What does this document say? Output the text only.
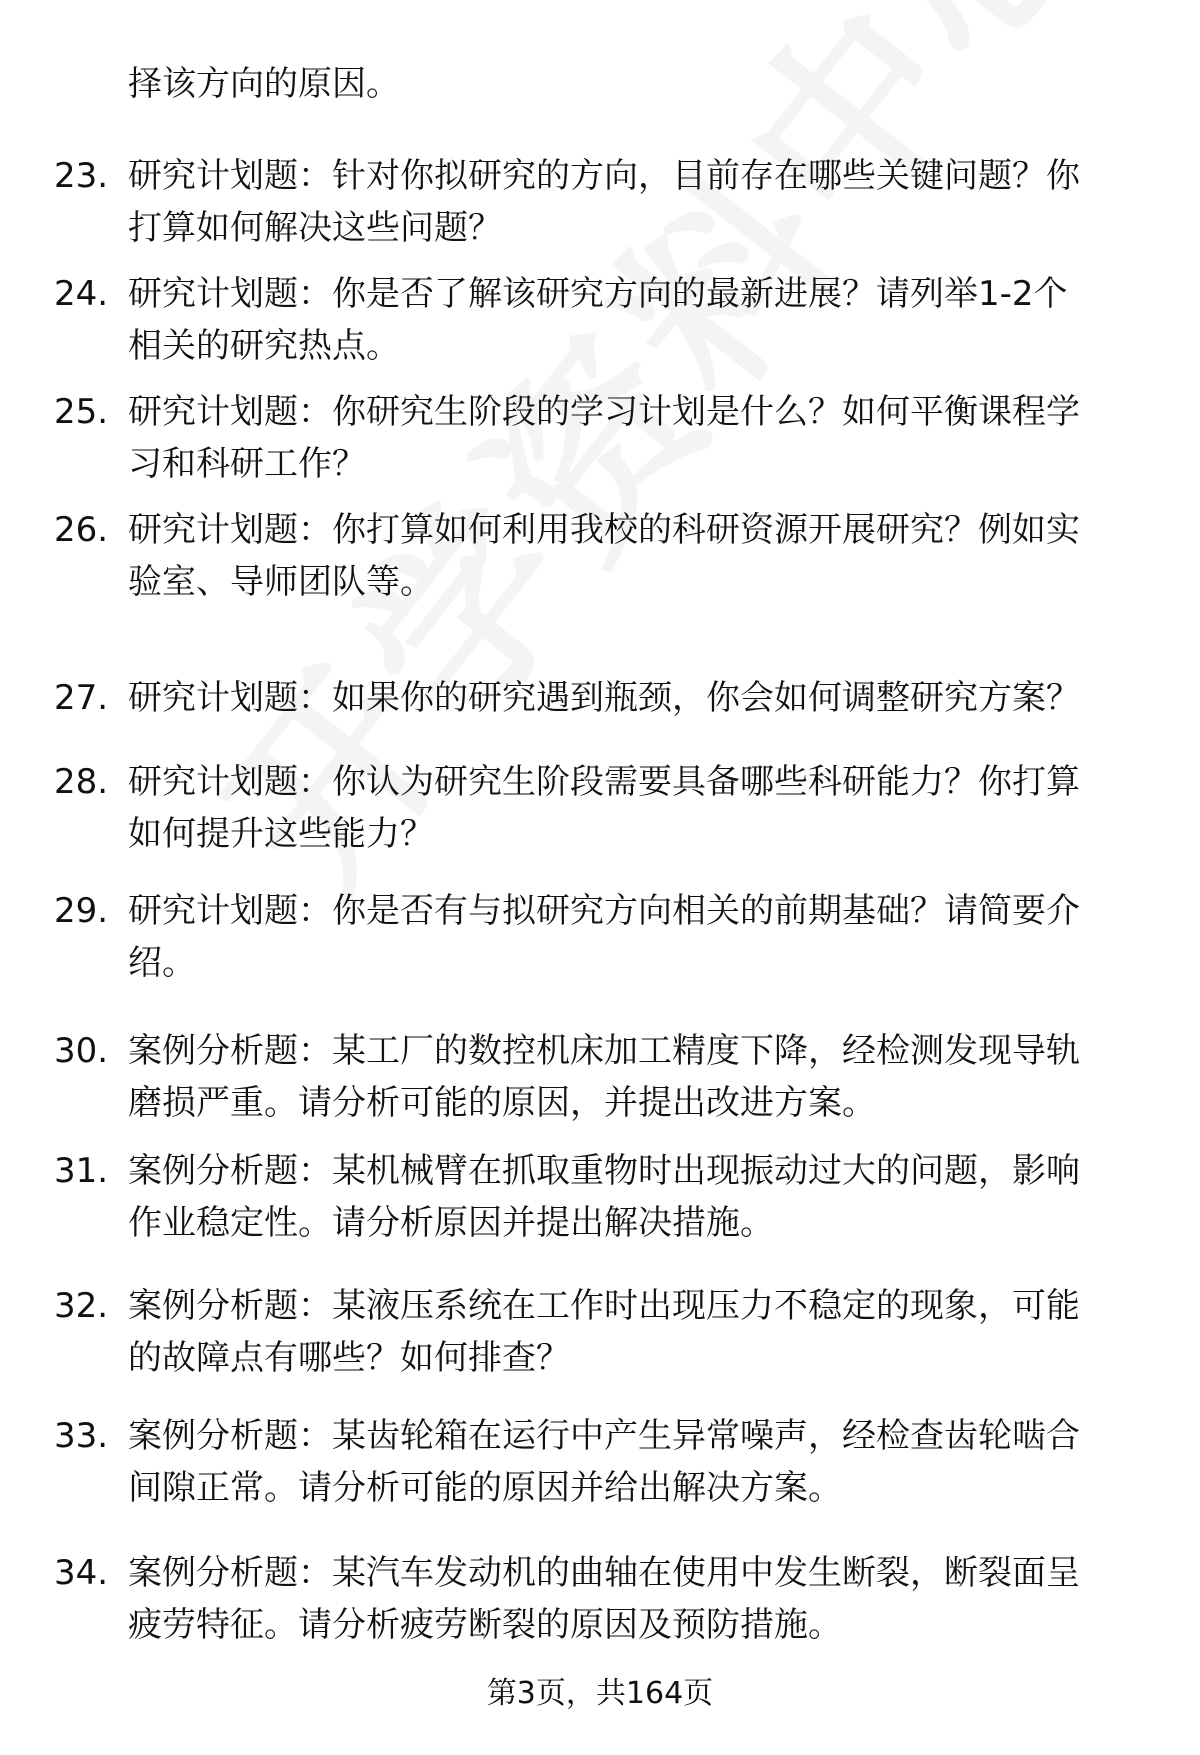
择该方向的原因。
23. 研究计划题：针对你拟研究的方向，目前存在哪些关键问题？你
打算如何解决这些问题？
24. 研究计划题：你是否了解该研究方向的最新进展？请列举1-2个
相关的研究热点。
25. 研究计划题：你研究生阶段的学习计划是什么？如何平衡课程学
习和科研工作？
26. 研究计划题：你打算如何利用我校的科研资源开展研究？例如实
验室、导师团队等。
27. 研究计划题：如果你的研究遇到瓶颈，你会如何调整研究方案？
28. 研究计划题：你认为研究生阶段需要具备哪些科研能力？你打算
如何提升这些能力？
29. 研究计划题：你是否有与拟研究方向相关的前期基础？请简要介
绍。
30. 案例分析题：某工厂的数控机床加工精度下降，经检测发现导轨
磨损严重。请分析可能的原因，并提出改进方案。
31. 案例分析题：某机械臂在抓取重物时出现振动过大的问题，影响
作业稳定性。请分析原因并提出解决措施。
32. 案例分析题：某液压系统在工作时出现压力不稳定的现象，可能
的故障点有哪些？如何排查？
33. 案例分析题：某齿轮箱在运行中产生异常噪声，经检查齿轮啮合
间隙正常。请分析可能的原因并给出解决方案。
34. 案例分析题：某汽车发动机的曲轴在使用中发生断裂，断裂面呈
疲劳特征。请分析疲劳断裂的原因及预防措施。
第3页，共164页
